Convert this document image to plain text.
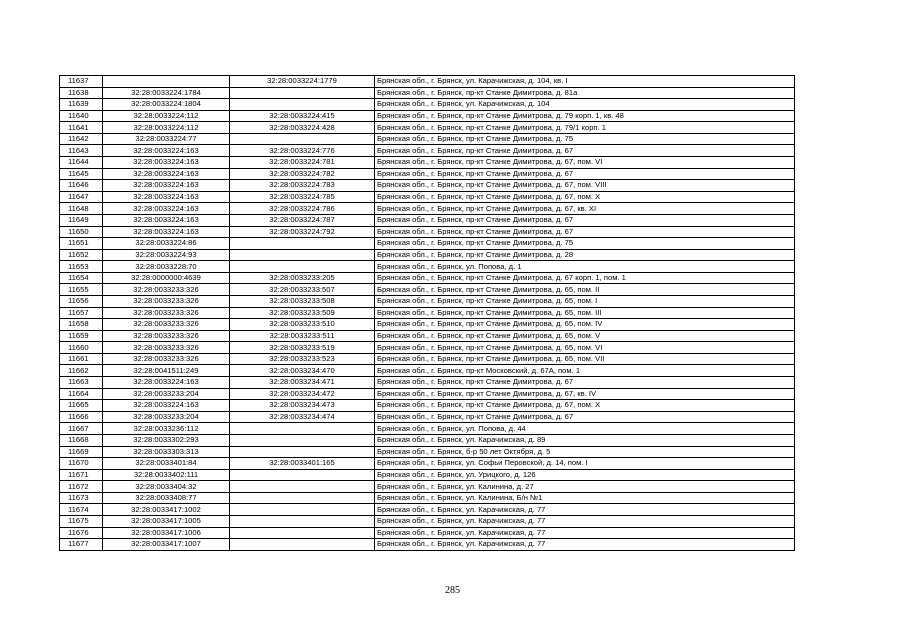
11637		32:28:0033224:1779	Брянская обл., г. Брянск, ул. Карачижская, д. 104, кв. I
11638	32:28:0033224:1784		Брянская обл., г. Брянск, пр-кт Станке Димитрова, д. 81а
11639	32:28:0033224:1804		Брянская обл., г. Брянск, ул. Карачижская, д. 104
11640	32:28:0033224:112	32:28:0033224:415	Брянская обл., г. Брянск, пр-кт Станке Димитрова, д. 79 корп. 1, кв. 48
11641	32:28:0033224:112	32:28:0033224:428	Брянская обл., г. Брянск, пр-кт Станке Димитрова, д. 79/1 корп. 1
11642	32:28:0033224:77		Брянская обл., г. Брянск, пр-кт Станке Димитрова, д. 75
11643	32:28:0033224:163	32:28:0033224:776	Брянская обл., г. Брянск, пр-кт Станке Димитрова, д. 67
11644	32:28:0033224:163	32:28:0033224:781	Брянская обл., г. Брянск, пр-кт Станке Димитрова, д. 67, пом. VI
11645	32:28:0033224:163	32:28:0033224:782	Брянская обл., г. Брянск, пр-кт Станке Димитрова, д. 67
11646	32:28:0033224:163	32:28:0033224:783	Брянская обл., г. Брянск, пр-кт Станке Димитрова, д. 67, пом. VIII
11647	32:28:0033224:163	32:28:0033224:785	Брянская обл., г. Брянск, пр-кт Станке Димитрова, д. 67, пом. X
11648	32:28:0033224:163	32:28:0033224:786	Брянская обл., г. Брянск, пр-кт Станке Димитрова, д. 67, кв. XI
11649	32:28:0033224:163	32:28:0033224:787	Брянская обл., г. Брянск, пр-кт Станке Димитрова, д. 67
11650	32:28:0033224:163	32:28:0033224:792	Брянская обл., г. Брянск, пр-кт Станке Димитрова, д. 67
11651	32:28:0033224:86		Брянская обл., г. Брянск, пр-кт Станке Димитрова, д. 75
11652	32:28:0033224:93		Брянская обл., г. Брянск, пр-кт Станке Димитрова, д. 28
11653	32:28:0033228:70		Брянская обл., г. Брянск, ул. Попова, д. 1
11654	32:28:0000000:4639	32:28:0033233:205	Брянская обл., г. Брянск, пр-кт Станке Димитрова, д. 67 корп. 1, пом. 1
11655	32:28:0033233:326	32:28:0033233:507	Брянская обл., г. Брянск, пр-кт Станке Димитрова, д. 65, пом. II
11656	32:28:0033233:326	32:28:0033233:508	Брянская обл., г. Брянск, пр-кт Станке Димитрова, д. 65, пом. I
11657	32:28:0033233:326	32:28:0033233:509	Брянская обл., г. Брянск, пр-кт Станке Димитрова, д. 65, пом. III
11658	32:28:0033233:326	32:28:0033233:510	Брянская обл., г. Брянск, пр-кт Станке Димитрова, д. 65, пом. IV
11659	32:28:0033233:326	32:28:0033233:511	Брянская обл., г. Брянск, пр-кт Станке Димитрова, д. 65, пом. V
11660	32:28:0033233:326	32:28:0033233:519	Брянская обл., г. Брянск, пр-кт Станке Димитрова, д. 65, пом. VI
11661	32:28:0033233:326	32:28:0033233:523	Брянская обл., г. Брянск, пр-кт Станке Димитрова, д. 65, пом. VII
11662	32:28:0041511:249	32:28:0033234:470	Брянская обл., г. Брянск, пр-кт Московский, д. 67А, пом. 1
11663	32:28:0033224:163	32:28:0033234:471	Брянская обл., г. Брянск, пр-кт Станке Димитрова, д. 67
11664	32:28:0033233:204	32:28:0033234:472	Брянская обл., г. Брянск, пр-кт Станке Димитрова, д. 67, кв. IV
11665	32:28:0033224:163	32:28:0033234:473	Брянская обл., г. Брянск, пр-кт Станке Димитрова, д. 67, пом. X
11666	32:28:0033233:204	32:28:0033234:474	Брянская обл., г. Брянск, пр-кт Станке Димитрова, д. 67
11667	32:28:0033236:112		Брянская обл., г. Брянск, ул. Попова, д. 44
11668	32:28:0033302:293		Брянская обл., г. Брянск, ул. Карачижская, д. 89
11669	32:28:0033303:313		Брянская обл., г. Брянск, б-р 50 лет Октября, д. 5
11670	32:28:0033401:84	32:28:0033401:165	Брянская обл., г. Брянск, ул. Софьи Перовской, д. 14, пом. I
11671	32:28:0033402:111		Брянская обл., г. Брянск, ул. Урицкого, д. 126
11672	32:28:0033404:32		Брянская обл., г. Брянск, ул. Калинина, д. 27
11673	32:28:0033408:77		Брянская обл., г. Брянск, ул. Калинина, Б/н №1
11674	32:28:0033417:1002		Брянская обл., г. Брянск, ул. Карачижская, д. 77
11675	32:28:0033417:1005		Брянская обл., г. Брянск, ул. Карачижская, д. 77
11676	32:28:0033417:1006		Брянская обл., г. Брянск, ул. Карачижская, д. 77
11677	32:28:0033417:1007		Брянская обл., г. Брянск, ул. Карачижская, д. 77
285
